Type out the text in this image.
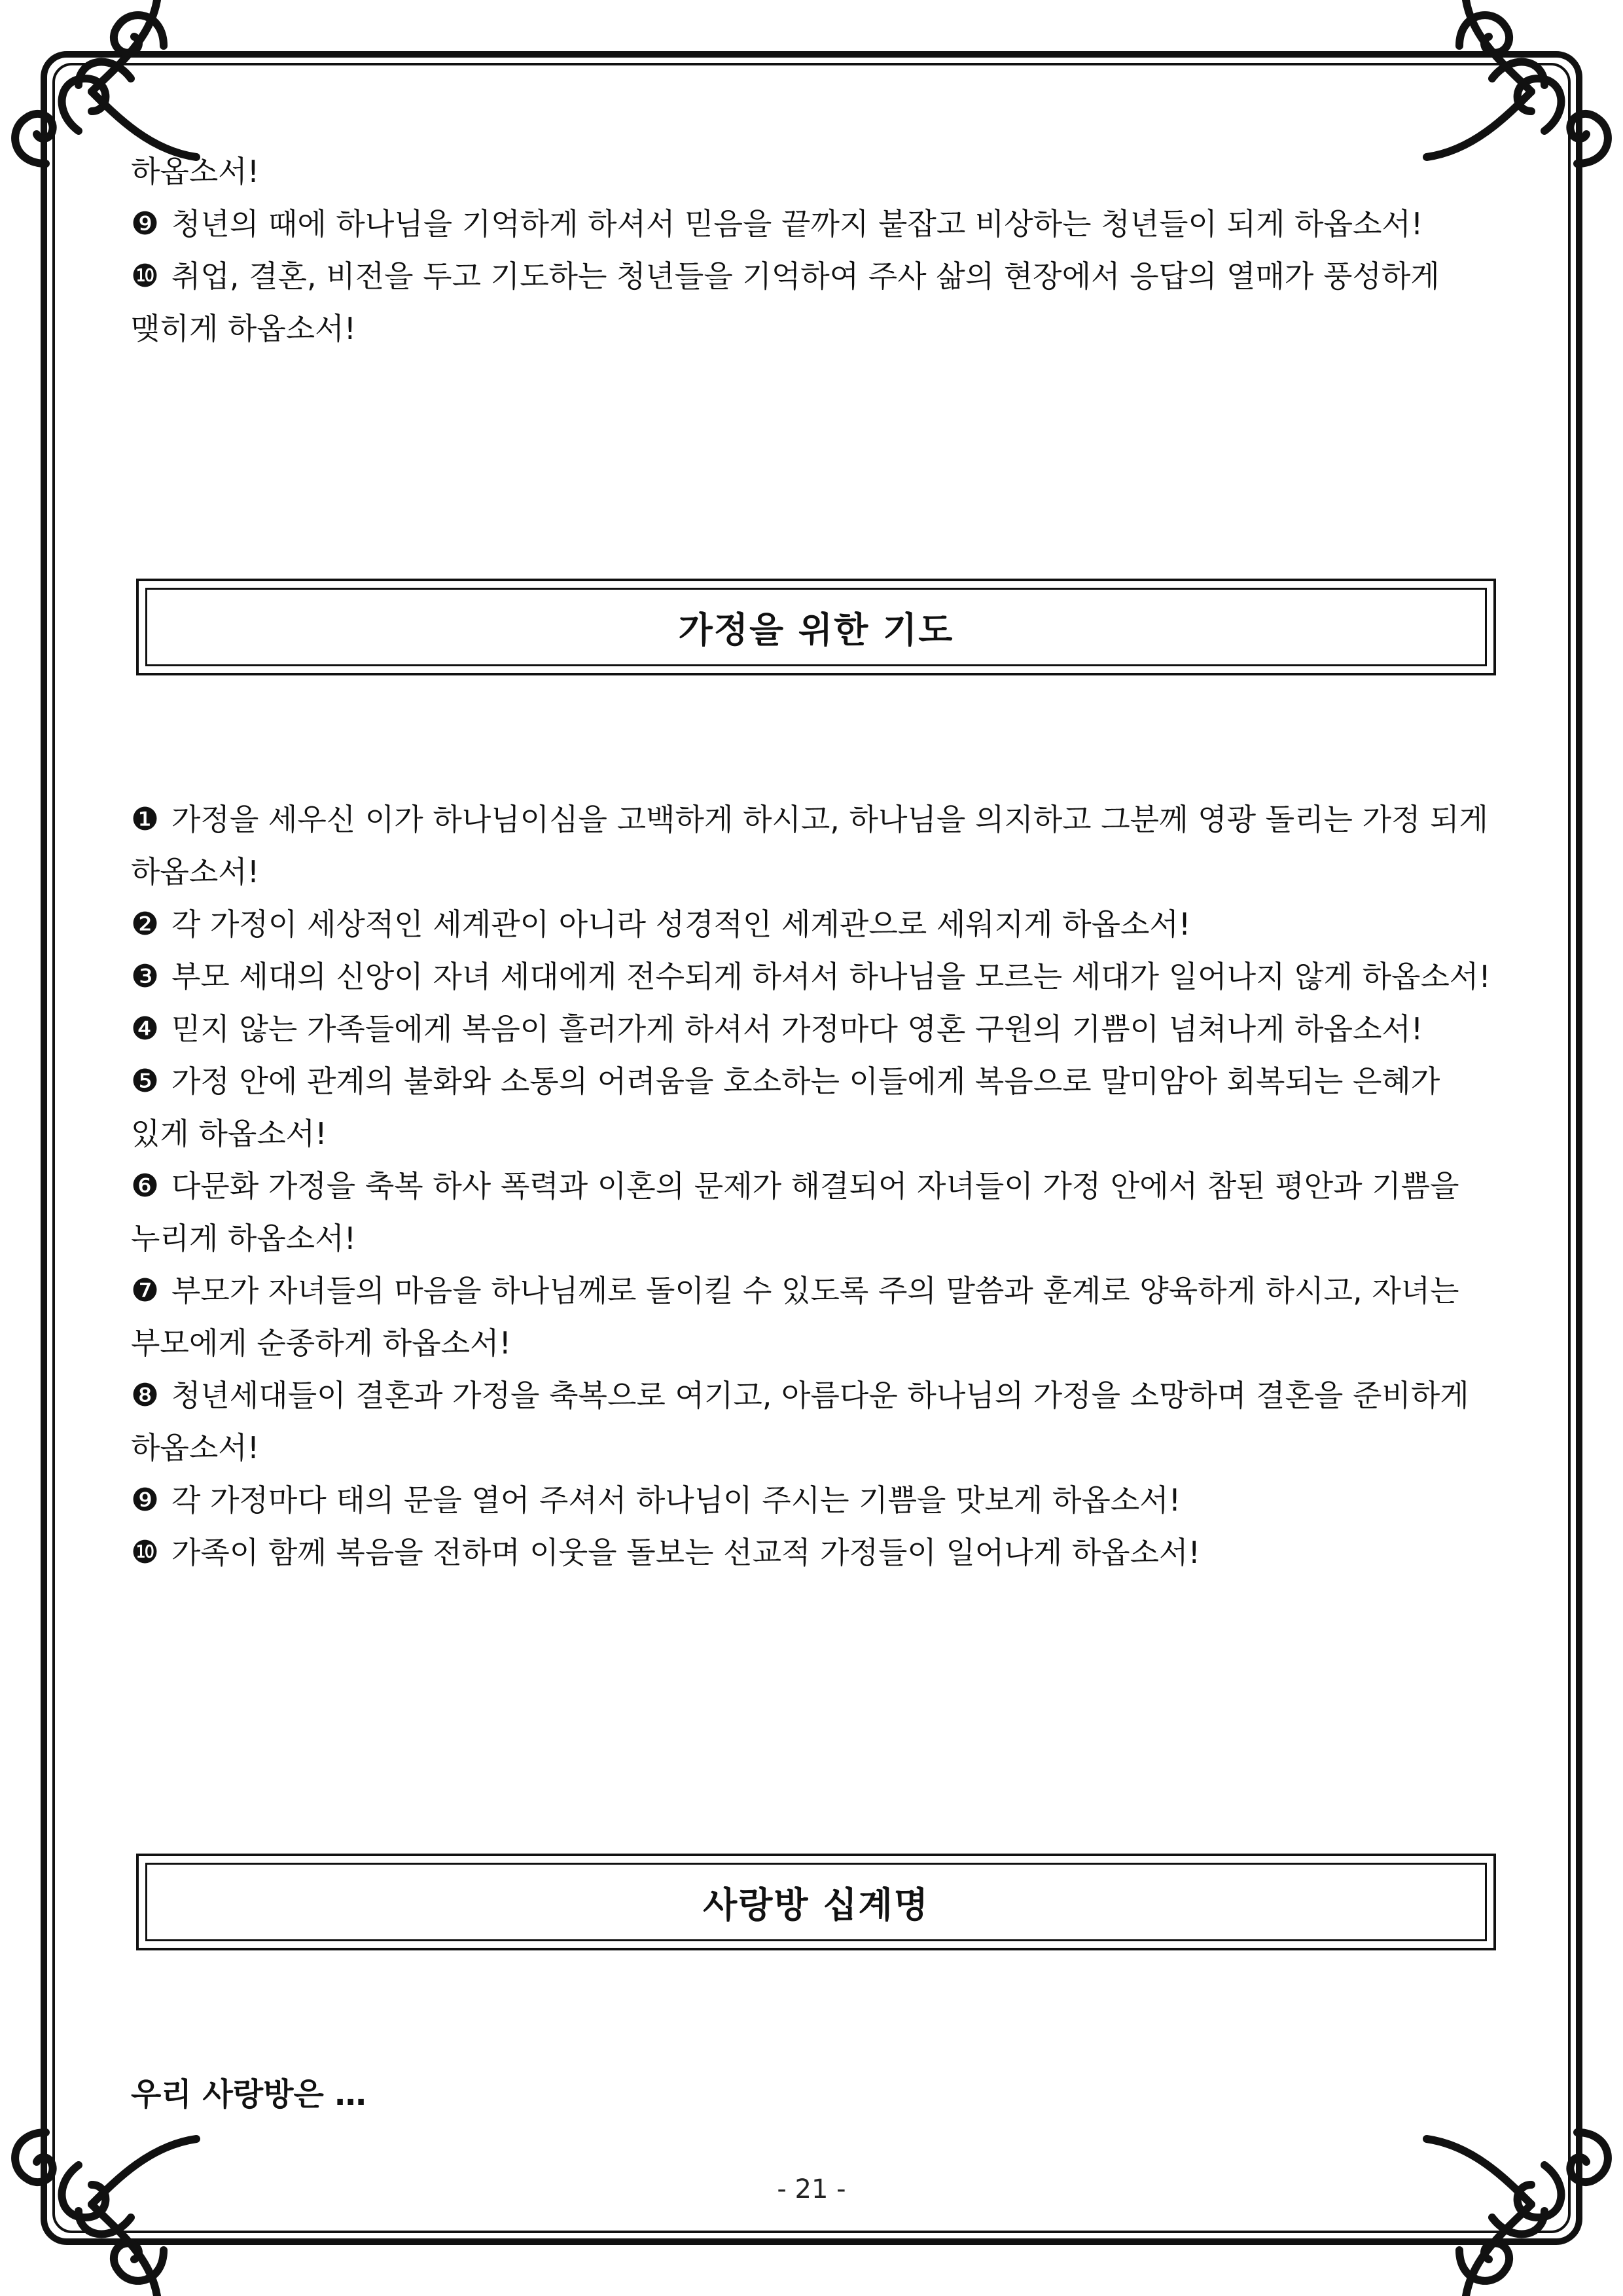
하옵소서!

❾ 청년의 때에 하나님을 기억하게 하셔서 믿음을 끝까지 붙잡고 비상하는 청년들이 되게 하옵소서!

❿ 취업, 결혼, 비전을 두고 기도하는 청년들을 기억하여 주사 삶의 현장에서 응답의 열매가 풍성하게 맺히게 하옵소서!

가정을 위한 기도

❶ 가정을 세우신 이가 하나님이심을 고백하게 하시고, 하나님을 의지하고 그분께 영광 돌리는 가정 되게 하옵소서!

❷ 각 가정이 세상적인 세계관이 아니라 성경적인 세계관으로 세워지게 하옵소서!

❸ 부모 세대의 신앙이 자녀 세대에게 전수되게 하셔서 하나님을 모르는 세대가 일어나지 않게 하옵소서!

❹ 믿지 않는 가족들에게 복음이 흘러가게 하셔서 가정마다 영혼 구원의 기쁨이 넘쳐나게 하옵소서!

❺ 가정 안에 관계의 불화와 소통의 어려움을 호소하는 이들에게 복음으로 말미암아 회복되는 은혜가 있게 하옵소서!

❻ 다문화 가정을 축복 하사 폭력과 이혼의 문제가 해결되어 자녀들이 가정 안에서 참된 평안과 기쁨을 누리게 하옵소서!

❼ 부모가 자녀들의 마음을 하나님께로 돌이킬 수 있도록 주의 말씀과 훈계로 양육하게 하시고, 자녀는 부모에게 순종하게 하옵소서!

❽ 청년세대들이 결혼과 가정을 축복으로 여기고, 아름다운 하나님의 가정을 소망하며 결혼을 준비하게 하옵소서!

❾ 각 가정마다 태의 문을 열어 주셔서 하나님이 주시는 기쁨을 맛보게 하옵소서!

❿ 가족이 함께 복음을 전하며 이웃을 돌보는 선교적 가정들이 일어나게 하옵소서!

사랑방 십계명

우리 사랑방은 …

- 21 -
